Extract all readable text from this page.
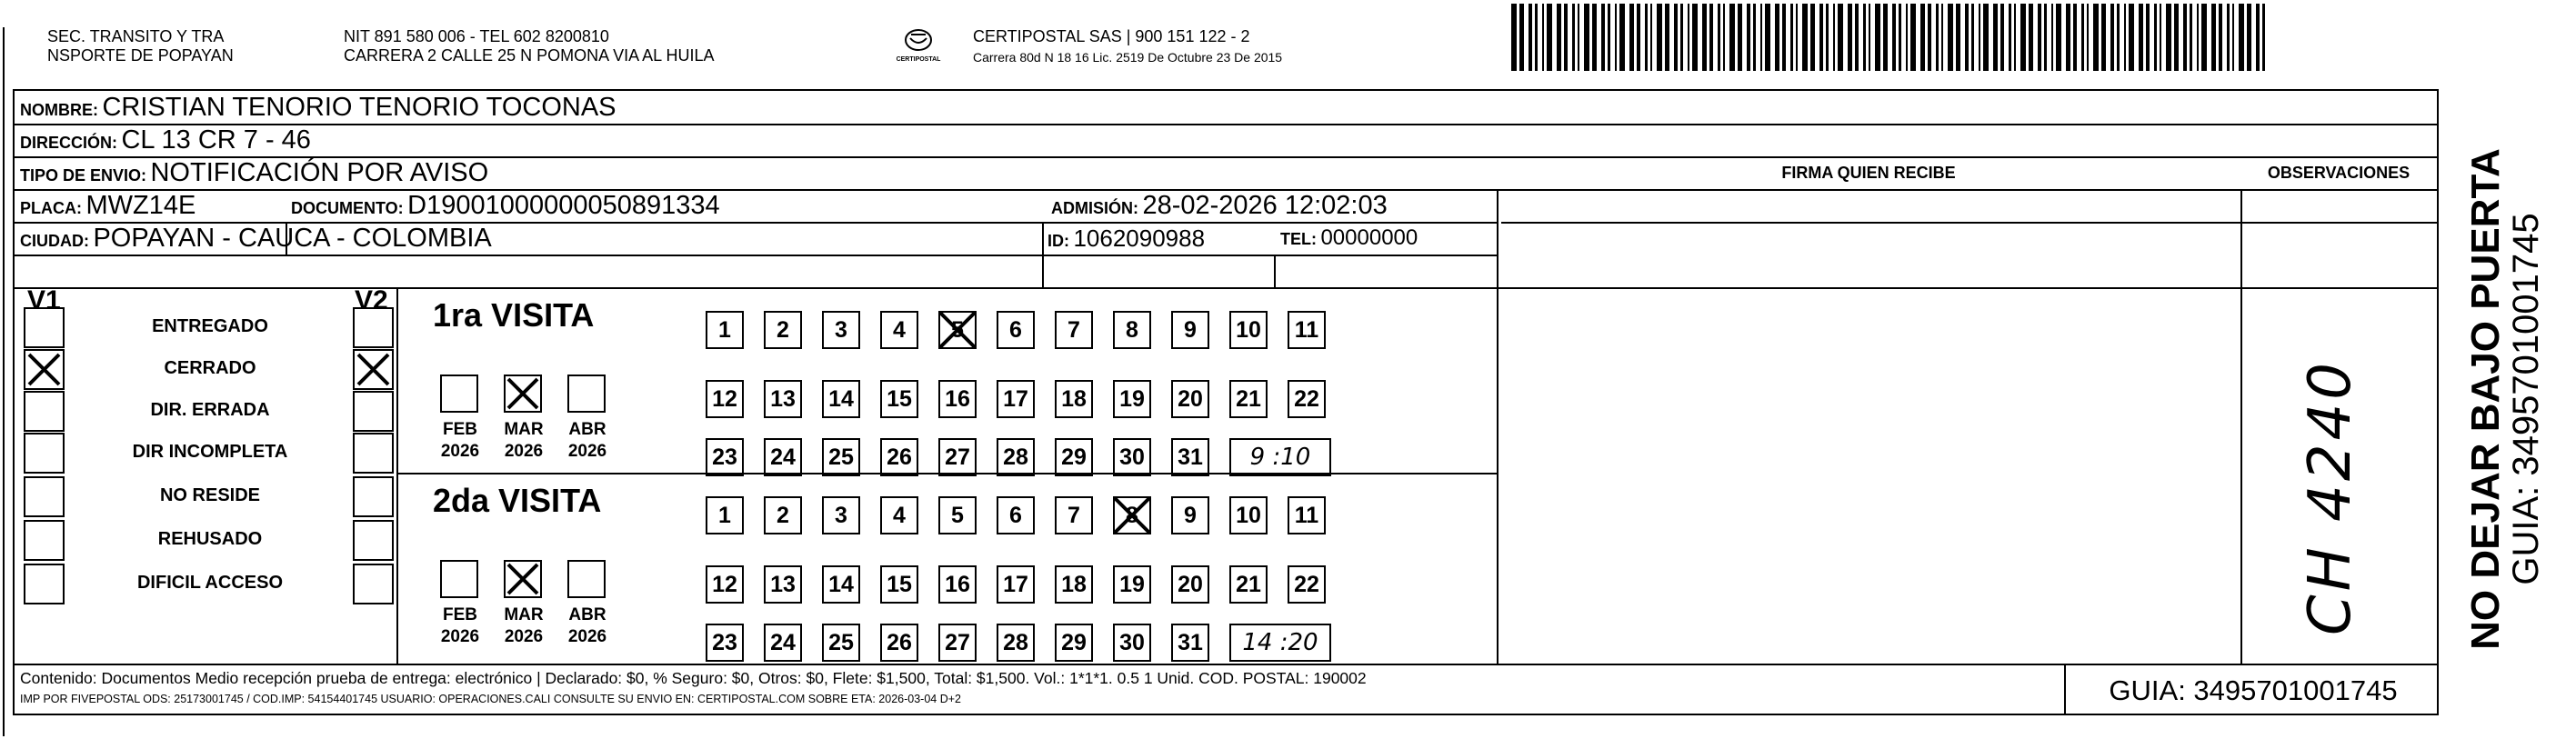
SEC. TRANSITO Y TRA
NSPORTE DE POPAYAN
NIT 891 580 006 - TEL 602 8200810
CARRERA 2 CALLE 25 N POMONA VIA AL HUILA	CERTIPOSTAL
CERTIPOSTAL SAS | 900 151 122 - 2
Carrera 80d N 18 16 Lic. 2519 De Octubre 23 De 2015
NOMBRE: CRISTIAN TENORIO TENORIO TOCONAS
DIRECCIÓN: CL 13 CR 7 - 46
TIPO DE ENVIO: NOTIFICACIÓN POR AVISO	FIRMA QUIEN RECIBE	OBSERVACIONES
PLACA: MWZ14E	DOCUMENTO: D19001000000050891334	ADMISIÓN: 28-02-2026 12:02:03
CIUDAD: POPAYAN - CAUCA - COLOMBIA	ID: 1062090988	TEL: 00000000
V1	V2
ENTREGADO
CERRADO
DIR. ERRADA
DIR INCOMPLETA
NO RESIDE
REHUSADO
DIFICIL ACCESO
1ra VISITA
FEB
2026
MAR
2026
ABR
2026
1	2	3	4	5	6	7	8	9	10	11
12 13 14 15 16 17 18 19 20 21 22
23 24 25 26 27 28 29 30 31	9 :10
2da VISITA
FEB
2026
MAR
2026
ABR
2026
1	2	3	4	5	6	7	8	9	10	11
12 13 14 15 16 17 18 19 20 21 22
23 24 25 26 27 28 29 30 31	14 :20
CH 4240
Contenido: Documentos Medio recepción prueba de entrega: electrónico | Declarado: $0, % Seguro: $0, Otros: $0, Flete: $1,500, Total: $1,500. Vol.: 1*1*1. 0.5 1 Unid. COD. POSTAL: 190002
IMP POR FIVEPOSTAL ODS: 25173001745 / COD.IMP: 54154401745 USUARIO: OPERACIONES.CALI CONSULTE SU ENVIO EN: CERTIPOSTAL.COM SOBRE ETA: 2026-03-04 D+2	GUIA: 3495701001745
NO DEJAR BAJO PUERTA
GUIA: 3495701001745
